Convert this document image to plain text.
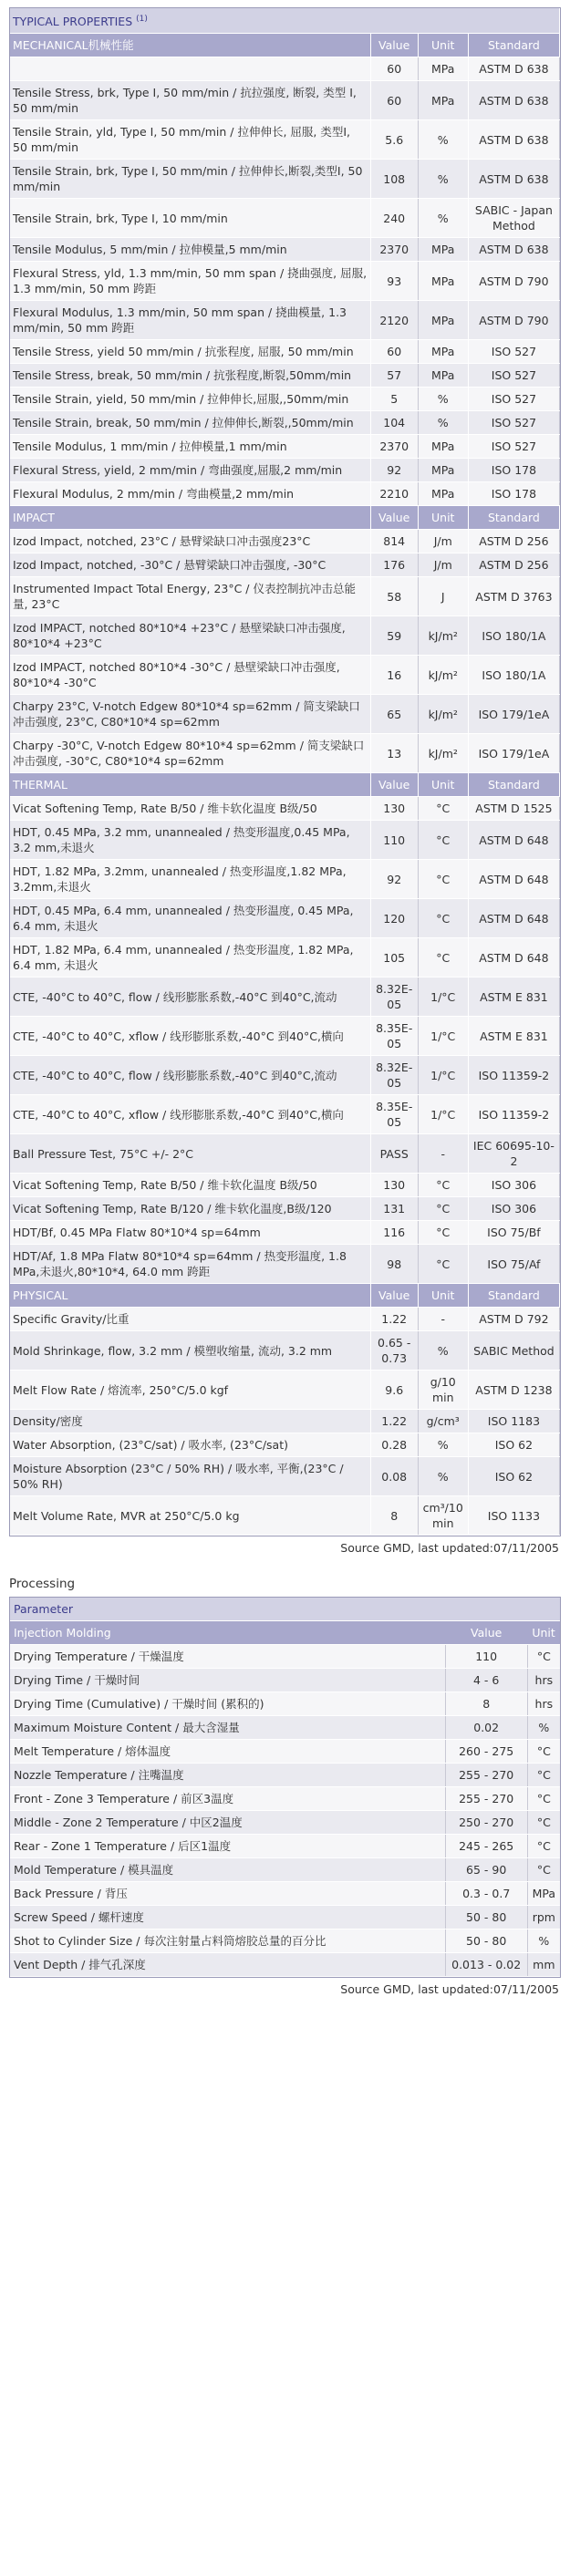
TYPICAL PROPERTIES $^{(1)}$
MECHANICAL机械性能	Value	Unit	Standard
	60	MPa	ASTM D 638
Tensile Stress, brk, Type I, 50 mm/min / 抗拉强度, 断裂, 类型 I, 50 mm/min	60	MPa	ASTM D 638
Tensile Strain, yld, Type I, 50 mm/min / 拉伸伸长, 屈服, 类型I, 50 mm/min	5.6	%	ASTM D 638
Tensile Strain, brk, Type I, 50 mm/min / 拉伸伸长,断裂,类型I, 50 mm/min	108	%	ASTM D 638
Tensile Strain, brk, Type I, 10 mm/min	240	%	SABIC - Japan Method
Tensile Modulus, 5 mm/min / 拉伸模量,5 mm/min	2370	MPa	ASTM D 638
Flexural Stress, yld, 1.3 mm/min, 50 mm span / 挠曲强度, 屈服, 1.3 mm/min, 50 mm 跨距	93	MPa	ASTM D 790
Flexural Modulus, 1.3 mm/min, 50 mm span / 挠曲模量, 1.3 mm/min, 50 mm 跨距	2120	MPa	ASTM D 790
Tensile Stress, yield 50 mm/min / 抗张程度, 屈服, 50 mm/min	60	MPa	ISO 527
Tensile Stress, break, 50 mm/min / 抗张程度,断裂,50mm/min	57	MPa	ISO 527
Tensile Strain, yield, 50 mm/min / 拉伸伸长,屈服,,50mm/min	5	%	ISO 527
Tensile Strain, break, 50 mm/min / 拉伸伸长,断裂,,50mm/min	104	%	ISO 527
Tensile Modulus, 1 mm/min / 拉伸模量,1 mm/min	2370	MPa	ISO 527
Flexural Stress, yield, 2 mm/min / 弯曲强度,屈服,2 mm/min	92	MPa	ISO 178
Flexural Modulus, 2 mm/min / 弯曲模量,2 mm/min	2210	MPa	ISO 178
IMPACT	Value	Unit	Standard
Izod Impact, notched, 23°C / 悬臂梁缺口冲击强度23°C	814	J/m	ASTM D 256
Izod Impact, notched, -30°C / 悬臂梁缺口冲击强度, -30°C	176	J/m	ASTM D 256
Instrumented Impact Total Energy, 23°C / 仪表控制抗冲击总能量, 23°C	58	J	ASTM D 3763
Izod IMPACT, notched 80*10*4 +23°C / 悬壁梁缺口冲击强度, 80*10*4 +23°C	59	kJ/m²	ISO 180/1A
Izod IMPACT, notched 80*10*4 -30°C / 悬壁梁缺口冲击强度, 80*10*4 -30°C	16	kJ/m²	ISO 180/1A
Charpy 23°C, V-notch Edgew 80*10*4 sp=62mm / 简支梁缺口冲击强度, 23°C, C80*10*4 sp=62mm	65	kJ/m²	ISO 179/1eA
Charpy -30°C, V-notch Edgew 80*10*4 sp=62mm / 简支梁缺口冲击强度, -30°C, C80*10*4 sp=62mm	13	kJ/m²	ISO 179/1eA
THERMAL	Value	Unit	Standard
Vicat Softening Temp, Rate B/50 / 维卡软化温度 B级/50	130	°C	ASTM D 1525
HDT, 0.45 MPa, 3.2 mm, unannealed / 热变形温度,0.45 MPa, 3.2 mm,未退火	110	°C	ASTM D 648
HDT, 1.82 MPa, 3.2mm, unannealed / 热变形温度,1.82 MPa, 3.2mm,未退火	92	°C	ASTM D 648
HDT, 0.45 MPa, 6.4 mm, unannealed / 热变形温度, 0.45 MPa, 6.4 mm, 未退火	120	°C	ASTM D 648
HDT, 1.82 MPa, 6.4 mm, unannealed / 热变形温度, 1.82 MPa, 6.4 mm, 未退火	105	°C	ASTM D 648
CTE, -40°C to 40°C, flow / 线形膨胀系数,-40°C 到40°C,流动	8.32E-05	1/°C	ASTM E 831
CTE, -40°C to 40°C, xflow / 线形膨胀系数,-40°C 到40°C,横向	8.35E-05	1/°C	ASTM E 831
CTE, -40°C to 40°C, flow / 线形膨胀系数,-40°C 到40°C,流动	8.32E-05	1/°C	ISO 11359-2
CTE, -40°C to 40°C, xflow / 线形膨胀系数,-40°C 到40°C,横向	8.35E-05	1/°C	ISO 11359-2
Ball Pressure Test, 75°C +/- 2°C	PASS	-	IEC 60695-10-2
Vicat Softening Temp, Rate B/50 / 维卡软化温度 B级/50	130	°C	ISO 306
Vicat Softening Temp, Rate B/120 / 维卡软化温度,B级/120	131	°C	ISO 306
HDT/Bf, 0.45 MPa Flatw 80*10*4 sp=64mm	116	°C	ISO 75/Bf
HDT/Af, 1.8 MPa Flatw 80*10*4 sp=64mm / 热变形温度, 1.8 MPa,未退火,80*10*4, 64.0 mm 跨距	98	°C	ISO 75/Af
PHYSICAL	Value	Unit	Standard
Specific Gravity/比重	1.22	-	ASTM D 792
Mold Shrinkage, flow, 3.2 mm / 模塑收缩量, 流动, 3.2 mm	0.65 - 0.73	%	SABIC Method
Melt Flow Rate / 熔流率, 250°C/5.0 kgf	9.6	g/10 min	ASTM D 1238
Density/密度	1.22	g/cm³	ISO 1183
Water Absorption, (23°C/sat) / 吸水率, (23°C/sat)	0.28	%	ISO 62
Moisture Absorption (23°C / 50% RH) / 吸水率, 平衡,(23°C / 50% RH)	0.08	%	ISO 62
Melt Volume Rate, MVR at 250°C/5.0 kg	8	cm³/10 min	ISO 1133
Source GMD, last updated:07/11/2005
Processing
Parameter		
Injection Molding	Value	Unit
Drying Temperature / 干燥温度	110	°C
Drying Time / 干燥时间	4 - 6	hrs
Drying Time (Cumulative) / 干燥时间 (累积的)	8	hrs
Maximum Moisture Content / 最大含湿量	0.02	%
Melt Temperature / 熔体温度	260 - 275	°C
Nozzle Temperature / 注嘴温度	255 - 270	°C
Front - Zone 3 Temperature / 前区3温度	255 - 270	°C
Middle - Zone 2 Temperature / 中区2温度	250 - 270	°C
Rear - Zone 1 Temperature / 后区1温度	245 - 265	°C
Mold Temperature / 模具温度	65 - 90	°C
Back Pressure / 背压	0.3 - 0.7	MPa
Screw Speed / 螺杆速度	50 - 80	rpm
Shot to Cylinder Size / 每次注射量占料筒熔胶总量的百分比	50 - 80	%
Vent Depth / 排气孔深度	0.013 - 0.02	mm
Source GMD, last updated:07/11/2005
